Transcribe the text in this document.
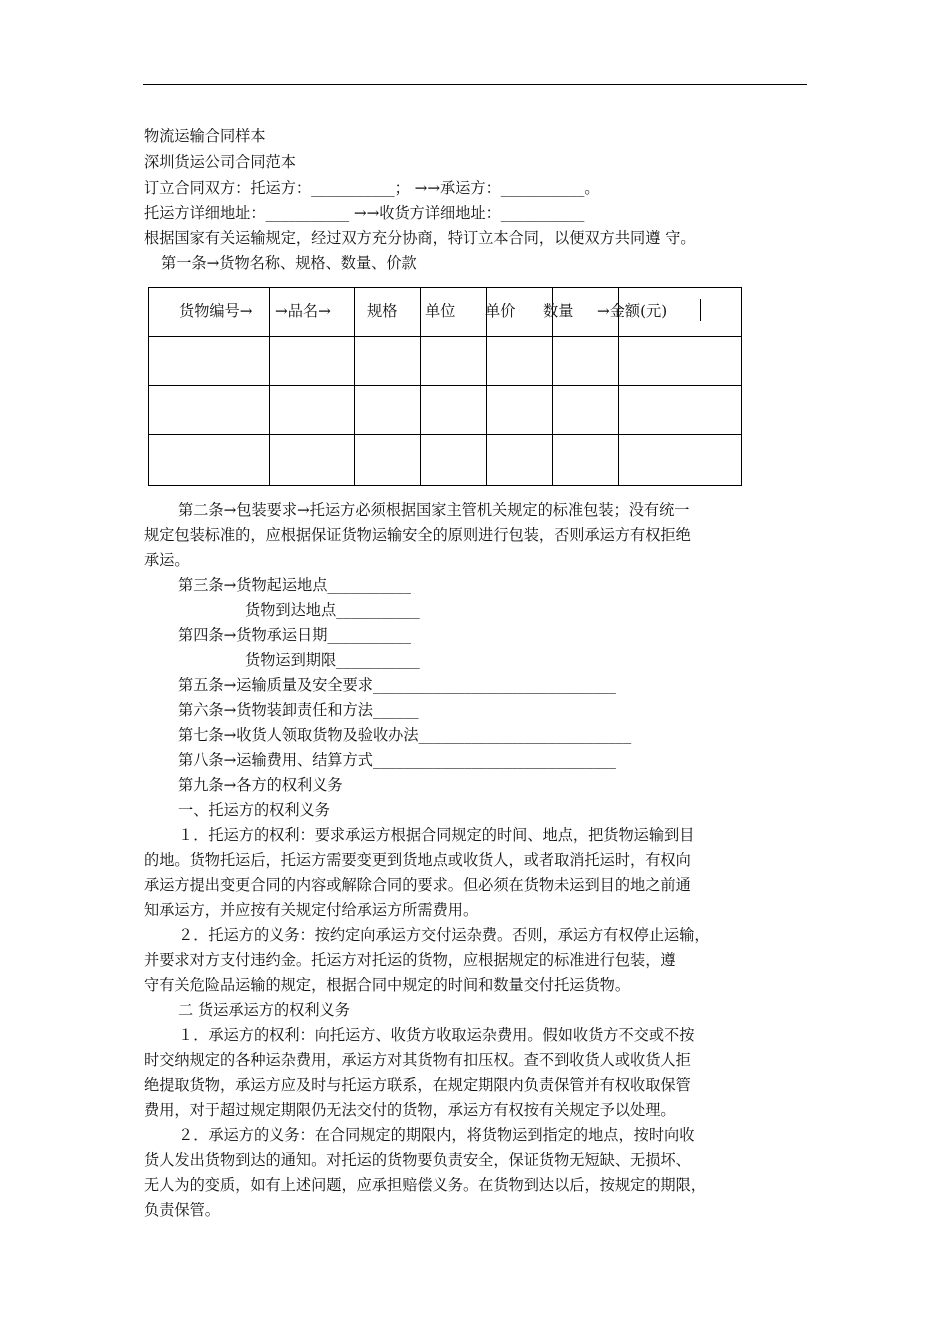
物流运输合同样本
深圳货运公司合同范本
订立合同双方：托运方：___________； →→承运方：___________。
托运方详细地址：___________ →→收货方详细地址：___________
根据国家有关运输规定，经过双方充分协商，特订立本合同，以便双方共同遵 守。
第一条→货物名称、规格、数量、价款
货物编号→ →品名→ 规格 单位 单价 数量 →金额(元)
第二条→包装要求→托运方必须根据国家主管机关规定的标准包装；没有统一
规定包装标准的，应根据保证货物运输安全的原则进行包装，否则承运方有权拒绝
承运。
第三条→货物起运地点___________
货物到达地点___________
第四条→货物承运日期___________
货物运到期限___________
第五条→运输质量及安全要求________________________________
第六条→货物装卸责任和方法______
第七条→收货人领取货物及验收办法____________________________
第八条→运输费用、结算方式________________________________
第九条→各方的权利义务
一、托运方的权利义务
１．托运方的权利：要求承运方根据合同规定的时间、地点，把货物运输到目
的地。货物托运后，托运方需要变更到货地点或收货人，或者取消托运时，有权向
承运方提出变更合同的内容或解除合同的要求。但必须在货物未运到目的地之前通
知承运方，并应按有关规定付给承运方所需费用。
２．托运方的义务：按约定向承运方交付运杂费。否则，承运方有权停止运输，
并要求对方支付违约金。托运方对托运的货物，应根据规定的标准进行包装，遵
守有关危险品运输的规定，根据合同中规定的时间和数量交付托运货物。
二 货运承运方的权利义务
１．承运方的权利：向托运方、收货方收取运杂费用。假如收货方不交或不按
时交纳规定的各种运杂费用，承运方对其货物有扣压权。查不到收货人或收货人拒
绝提取货物，承运方应及时与托运方联系，在规定期限内负责保管并有权收取保管
费用，对于超过规定期限仍无法交付的货物，承运方有权按有关规定予以处理。
２．承运方的义务：在合同规定的期限内，将货物运到指定的地点，按时向收
货人发出货物到达的通知。对托运的货物要负责安全，保证货物无短缺、无损坏、
无人为的变质，如有上述问题，应承担赔偿义务。在货物到达以后，按规定的期限，
负责保管。
